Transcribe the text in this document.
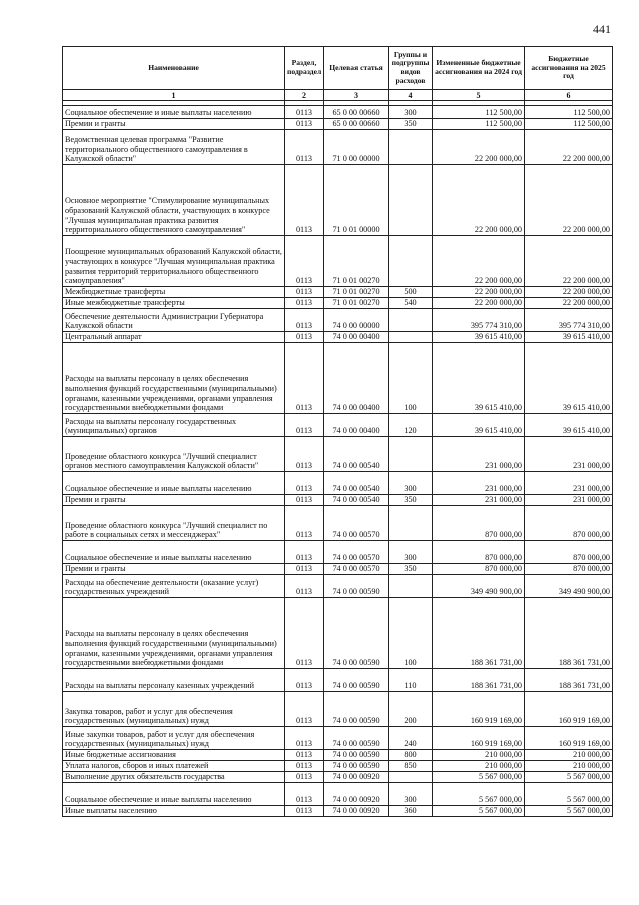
441
Наименование	Раздел, подраздел	Целевая статья	Группы и подгруппы видов расходов	Измененные бюджетные ассигнования на 2024 год	Бюджетные ассигнования на 2025 год
1	2	3	4	5	6

Социальное обеспечение и иные выплаты населению	0113	65 0 00 00660	300	112 500,00	112 500,00
Премии и гранты	0113	65 0 00 00660	350	112 500,00	112 500,00
Ведомственная целевая программа "Развитие территориального общественного самоуправления в Калужской области"	0113	71 0 00 00000		22 200 000,00	22 200 000,00
Основное мероприятие "Стимулирование муниципальных образований Калужской области, участвующих в конкурсе "Лучшая муниципальная практика развития территориального общественного самоуправления"	0113	71 0 01 00000		22 200 000,00	22 200 000,00
Поощрение муниципальных образований Калужской области, участвующих в конкурсе "Лучшая муниципальная практика развития территорий территориального общественного самоуправления"	0113	71 0 01 00270		22 200 000,00	22 200 000,00
Межбюджетные трансферты	0113	71 0 01 00270	500	22 200 000,00	22 200 000,00
Иные межбюджетные трансферты	0113	71 0 01 00270	540	22 200 000,00	22 200 000,00
Обеспечение деятельности Администрации Губернатора Калужской области	0113	74 0 00 00000		395 774 310,00	395 774 310,00
Центральный аппарат	0113	74 0 00 00400		39 615 410,00	39 615 410,00
Расходы на выплаты персоналу в целях обеспечения выполнения функций государственными (муниципальными) органами, казенными учреждениями, органами управления государственными внебюджетными фондами	0113	74 0 00 00400	100	39 615 410,00	39 615 410,00
Расходы на выплаты персоналу государственных (муниципальных) органов	0113	74 0 00 00400	120	39 615 410,00	39 615 410,00
Проведение областного конкурса "Лучший специалист органов местного самоуправления Калужской области"	0113	74 0 00 00540		231 000,00	231 000,00
Социальное обеспечение и иные выплаты населению	0113	74 0 00 00540	300	231 000,00	231 000,00
Премии и гранты	0113	74 0 00 00540	350	231 000,00	231 000,00
Проведение областного конкурса "Лучший специалист по работе в социальных сетях и мессенджерах"	0113	74 0 00 00570		870 000,00	870 000,00
Социальное обеспечение и иные выплаты населению	0113	74 0 00 00570	300	870 000,00	870 000,00
Премии и гранты	0113	74 0 00 00570	350	870 000,00	870 000,00
Расходы на обеспечение деятельности (оказание услуг) государственных учреждений	0113	74 0 00 00590		349 490 900,00	349 490 900,00
Расходы на выплаты персоналу в целях обеспечения выполнения функций государственными (муниципальными) органами, казенными учреждениями, органами управления государственными внебюджетными фондами	0113	74 0 00 00590	100	188 361 731,00	188 361 731,00
Расходы на выплаты персоналу казенных учреждений	0113	74 0 00 00590	110	188 361 731,00	188 361 731,00
Закупка товаров, работ и услуг для обеспечения государственных (муниципальных) нужд	0113	74 0 00 00590	200	160 919 169,00	160 919 169,00
Иные закупки товаров, работ и услуг для обеспечения государственных (муниципальных) нужд	0113	74 0 00 00590	240	160 919 169,00	160 919 169,00
Иные бюджетные ассигнования	0113	74 0 00 00590	800	210 000,00	210 000,00
Уплата налогов, сборов и иных платежей	0113	74 0 00 00590	850	210 000,00	210 000,00
Выполнение других обязательств государства	0113	74 0 00 00920		5 567 000,00	5 567 000,00
Социальное обеспечение и иные выплаты населению	0113	74 0 00 00920	300	5 567 000,00	5 567 000,00
Иные выплаты населению	0113	74 0 00 00920	360	5 567 000,00	5 567 000,00
